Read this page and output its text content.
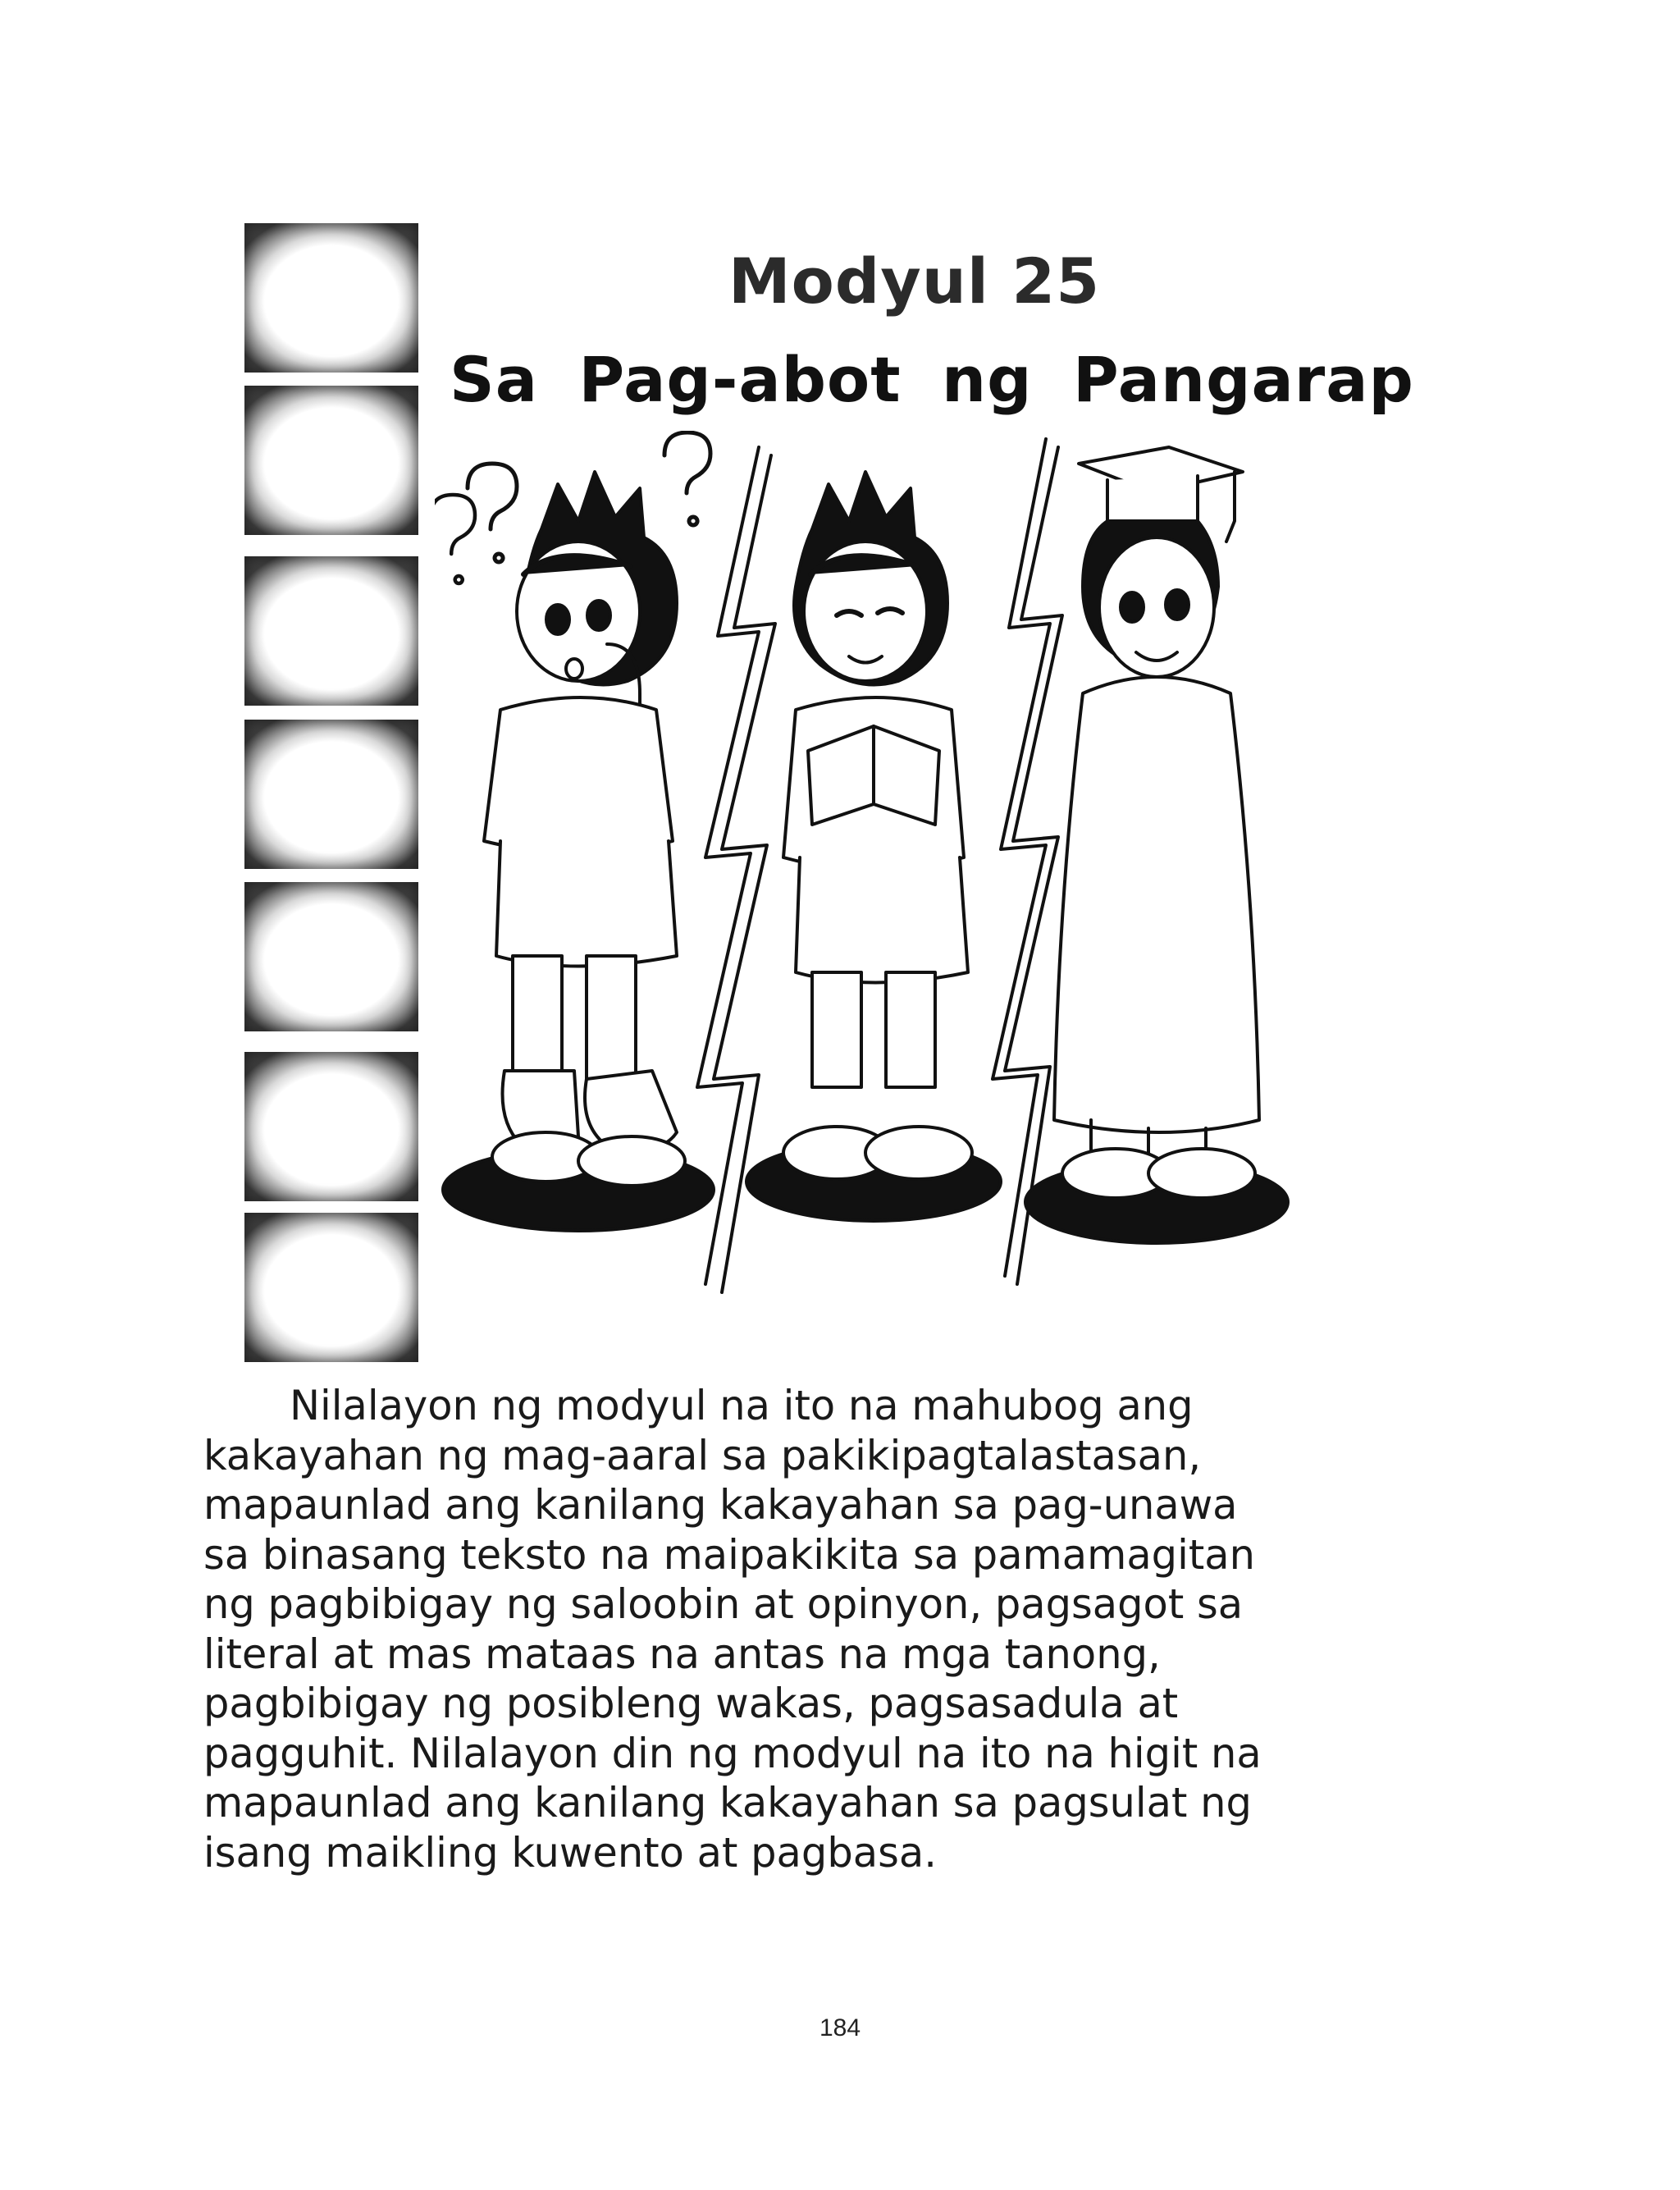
Modyul 25
Sa Pag-abot ng Pangarap
Nilalayon ng modyul na ito na mahubog ang
kakayahan ng mag-aaral sa pakikipagtalastasan,
mapaunlad ang kanilang kakayahan sa pag-unawa
sa binasang teksto na maipakikita sa pamamagitan
ng pagbibigay ng saloobin at opinyon, pagsagot sa
literal at mas mataas na antas na mga tanong,
pagbibigay ng posibleng wakas, pagsasadula at
pagguhit. Nilalayon din ng modyul na ito na higit na
mapaunlad ang kanilang kakayahan sa pagsulat ng
isang maikling kuwento at pagbasa.
184
